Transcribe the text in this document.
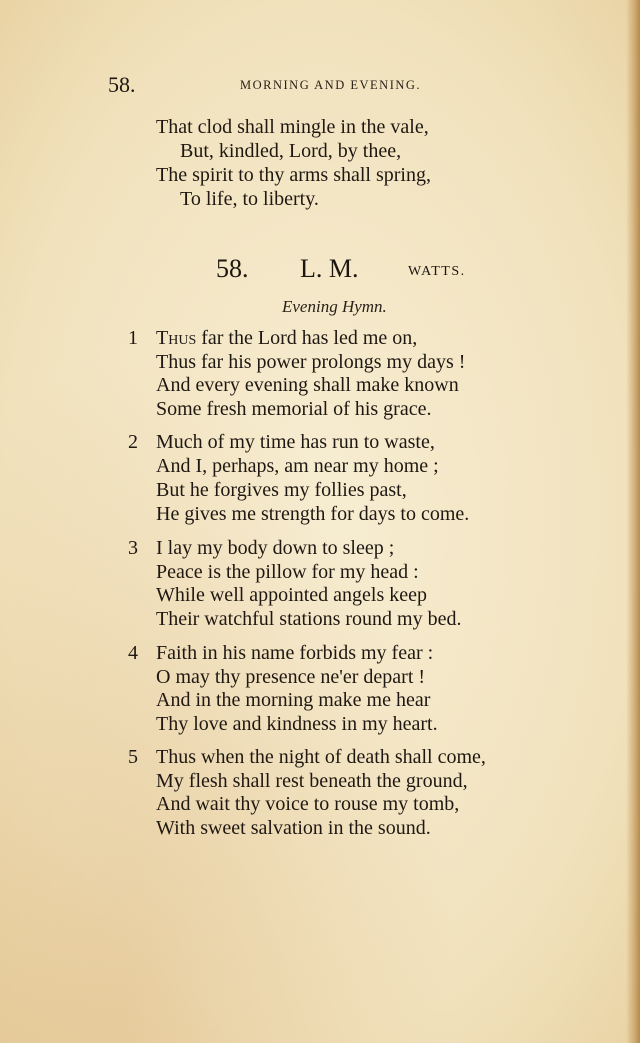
58.	MORNING AND EVENING.
That clod shall mingle in the vale,
But, kindled, Lord, by thee,
The spirit to thy arms shall spring,
To life, to liberty.
58. L. M.	WATTS.
Evening Hymn.
1 Thus far the Lord has led me on,
Thus far his power prolongs my days !
And every evening shall make known
Some fresh memorial of his grace.
2 Much of my time has run to waste,
And I, perhaps, am near my home ;
But he forgives my follies past,
He gives me strength for days to come.
3 I lay my body down to sleep ;
Peace is the pillow for my head :
While well appointed angels keep
Their watchful stations round my bed.
4 Faith in his name forbids my fear :
O may thy presence ne'er depart !
And in the morning make me hear
Thy love and kindness in my heart.
5 Thus when the night of death shall come,
My flesh shall rest beneath the ground,
And wait thy voice to rouse my tomb,
With sweet salvation in the sound.
